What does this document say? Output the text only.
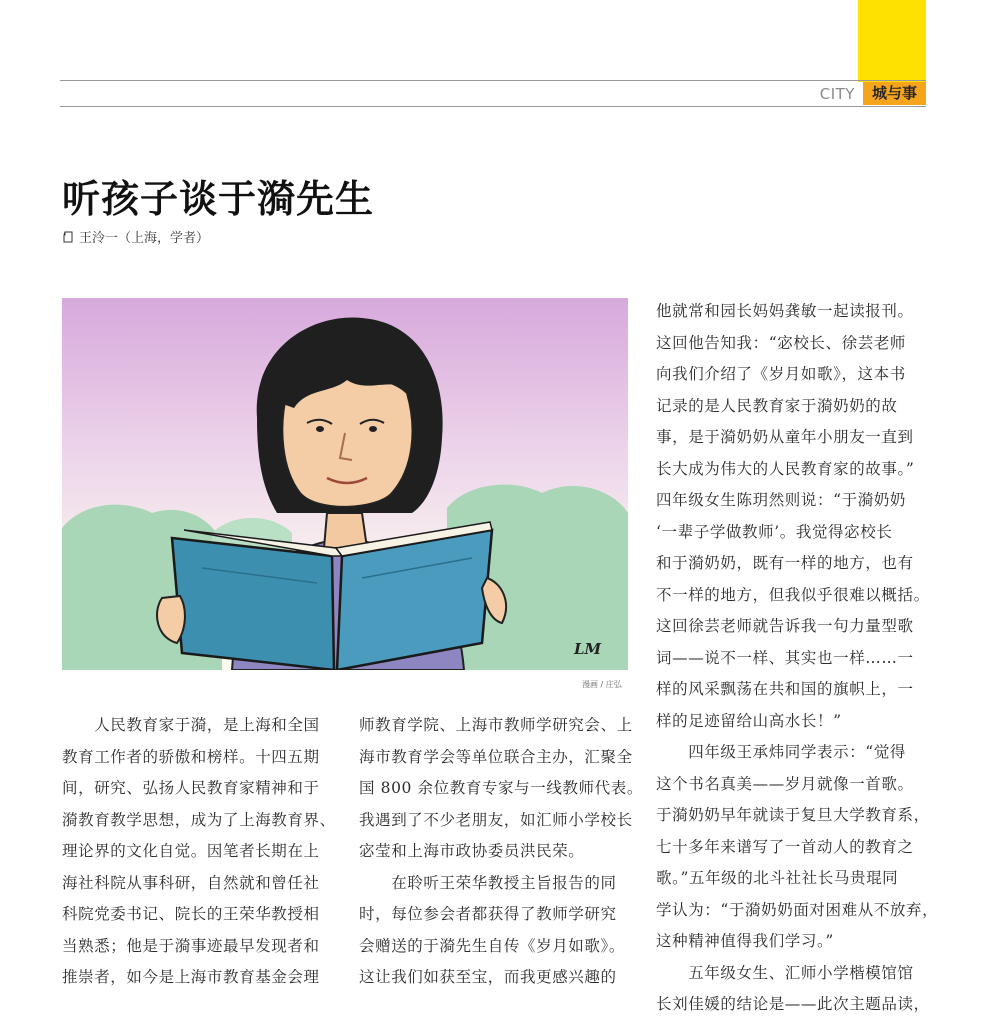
CITY	城与事
听孩子谈于漪先生
王泠一（上海，学者）
LM
漫画 / 庄弘

　　人民教育家于漪，是上海和全国

教育工作者的骄傲和榜样。十四五期

间，研究、弘扬人民教育家精神和于

漪教育教学思想，成为了上海教育界、

理论界的文化自觉。因笔者长期在上

海社科院从事科研，自然就和曾任社

科院党委书记、院长的王荣华教授相

当熟悉；他是于漪事迹最早发现者和

推崇者，如今是上海市教育基金会理

师教育学院、上海市教师学研究会、上

海市教育学会等单位联合主办，汇聚全

国 800 余位教育专家与一线教师代表。

我遇到了不少老朋友，如汇师小学校长

宓莹和上海市政协委员洪民荣。

　　在聆听王荣华教授主旨报告的同

时，每位参会者都获得了教师学研究

会赠送的于漪先生自传《岁月如歌》。

这让我们如获至宝，而我更感兴趣的

他就常和园长妈妈龚敏一起读报刊。

这回他告知我：“宓校长、徐芸老师

向我们介绍了《岁月如歌》，这本书

记录的是人民教育家于漪奶奶的故

事，是于漪奶奶从童年小朋友一直到

长大成为伟大的人民教育家的故事。”

四年级女生陈玥然则说：“于漪奶奶

‘一辈子学做教师’。我觉得宓校长

和于漪奶奶，既有一样的地方，也有

不一样的地方，但我似乎很难以概括。

这回徐芸老师就告诉我一句力量型歌

词——说不一样、其实也一样……一

样的风采飘荡在共和国的旗帜上，一

样的足迹留给山高水长！”

　　四年级王承炜同学表示：“觉得

这个书名真美——岁月就像一首歌。

于漪奶奶早年就读于复旦大学教育系，

七十多年来谱写了一首动人的教育之

歌。”五年级的北斗社社长马贵琨同

学认为：“于漪奶奶面对困难从不放弃，

这种精神值得我们学习。”

　　五年级女生、汇师小学楷模馆馆

长刘佳媛的结论是——此次主题品读，
